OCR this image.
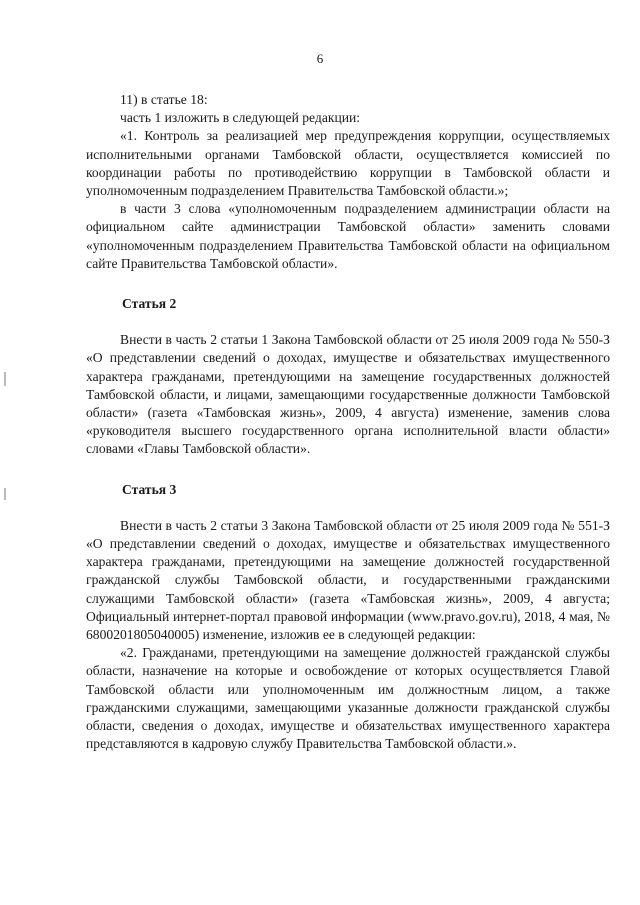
6

11) в статье 18:

часть 1 изложить в следующей редакции:

«1. Контроль за реализацией мер предупреждения коррупции, осуществляемых исполнительными органами Тамбовской области, осуществляется комиссией по координации работы по противодействию коррупции в Тамбовской области и уполномоченным подразделением Правительства Тамбовской области.»;

в части 3 слова «уполномоченным подразделением администрации области на официальном сайте администрации Тамбовской области» заменить словами «уполномоченным подразделением Правительства Тамбовской области на официальном сайте Правительства Тамбовской области».

Статья 2

Внести в часть 2 статьи 1 Закона Тамбовской области от 25 июля 2009 года № 550-З «О представлении сведений о доходах, имуществе и обязательствах имущественного характера гражданами, претендующими на замещение государственных должностей Тамбовской области, и лицами, замещающими государственные должности Тамбовской области» (газета «Тамбовская жизнь», 2009, 4 августа) изменение, заменив слова «руководителя высшего государственного органа исполнительной власти области» словами «Главы Тамбовской области».

Статья 3

Внести в часть 2 статьи 3 Закона Тамбовской области от 25 июля 2009 года № 551-З «О представлении сведений о доходах, имуществе и обязательствах имущественного характера гражданами, претендующими на замещение должностей государственной гражданской службы Тамбовской области, и государственными гражданскими служащими Тамбовской области» (газета «Тамбовская жизнь», 2009, 4 августа; Официальный интернет-портал правовой информации (www.pravo.gov.ru), 2018, 4 мая, № 6800201805040005) изменение, изложив ее в следующей редакции:

«2. Гражданами, претендующими на замещение должностей гражданской службы области, назначение на которые и освобождение от которых осуществляется Главой Тамбовской области или уполномоченным им должностным лицом, а также гражданскими служащими, замещающими указанные должности гражданской службы области, сведения о доходах, имуществе и обязательствах имущественного характера представляются в кадровую службу Правительства Тамбовской области.».
